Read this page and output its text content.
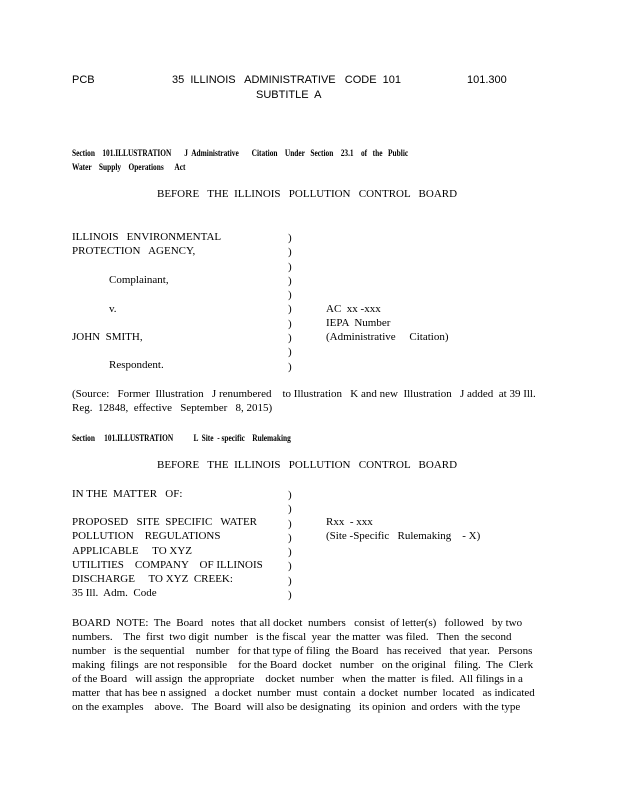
PCB	35  ILLINOIS   ADMINISTRATIVE   CODE  101	101.300
SUBTITLE  A
Section    101.ILLUSTRATION       J  Administrative       Citation    Under   Section    23.1    of   the   Public
Water    Supply    Operations      Act
BEFORE   THE  ILLINOIS   POLLUTION   CONTROL   BOARD
ILLINOIS   ENVIRONMENTAL
PROTECTION   AGENCY,
Complainant,
v.
JOHN  SMITH,
Respondent.
)
)
)
)
)
)
)
)
)
)
AC  xx -xxx
IEPA  Number
(Administrative     Citation)
(Source:   Former  Illustration   J renumbered    to Illustration   K and new  Illustration   J added  at 39 Ill.
Reg.  12848,  effective   September   8, 2015)
Section     101.ILLUSTRATION           L  Site  - specific    Rulemaking
BEFORE   THE  ILLINOIS   POLLUTION   CONTROL   BOARD
IN THE  MATTER   OF:
PROPOSED   SITE  SPECIFIC   WATER
POLLUTION    REGULATIONS
APPLICABLE     TO XYZ
UTILITIES    COMPANY    OF ILLINOIS
DISCHARGE     TO XYZ  CREEK:
35 Ill.  Adm.  Code
)
)
)
)
)
)
)
)
Rxx  - xxx
(Site -Specific   Rulemaking    - X)
BOARD  NOTE:  The  Board   notes  that all docket  numbers   consist  of letter(s)   followed   by two
numbers.    The  first  two digit  number   is the fiscal  year  the matter  was filed.   Then  the second
number   is the sequential    number   for that type of filing  the Board   has received   that year.   Persons
making  filings  are not responsible    for the Board  docket   number   on the original   filing.  The  Clerk
of the Board   will assign  the appropriate    docket  number   when  the matter  is filed.  All filings in a
matter  that has bee n assigned   a docket  number  must  contain  a docket  number  located   as indicated
on the examples    above.   The  Board  will also be designating   its opinion  and orders  with the type
